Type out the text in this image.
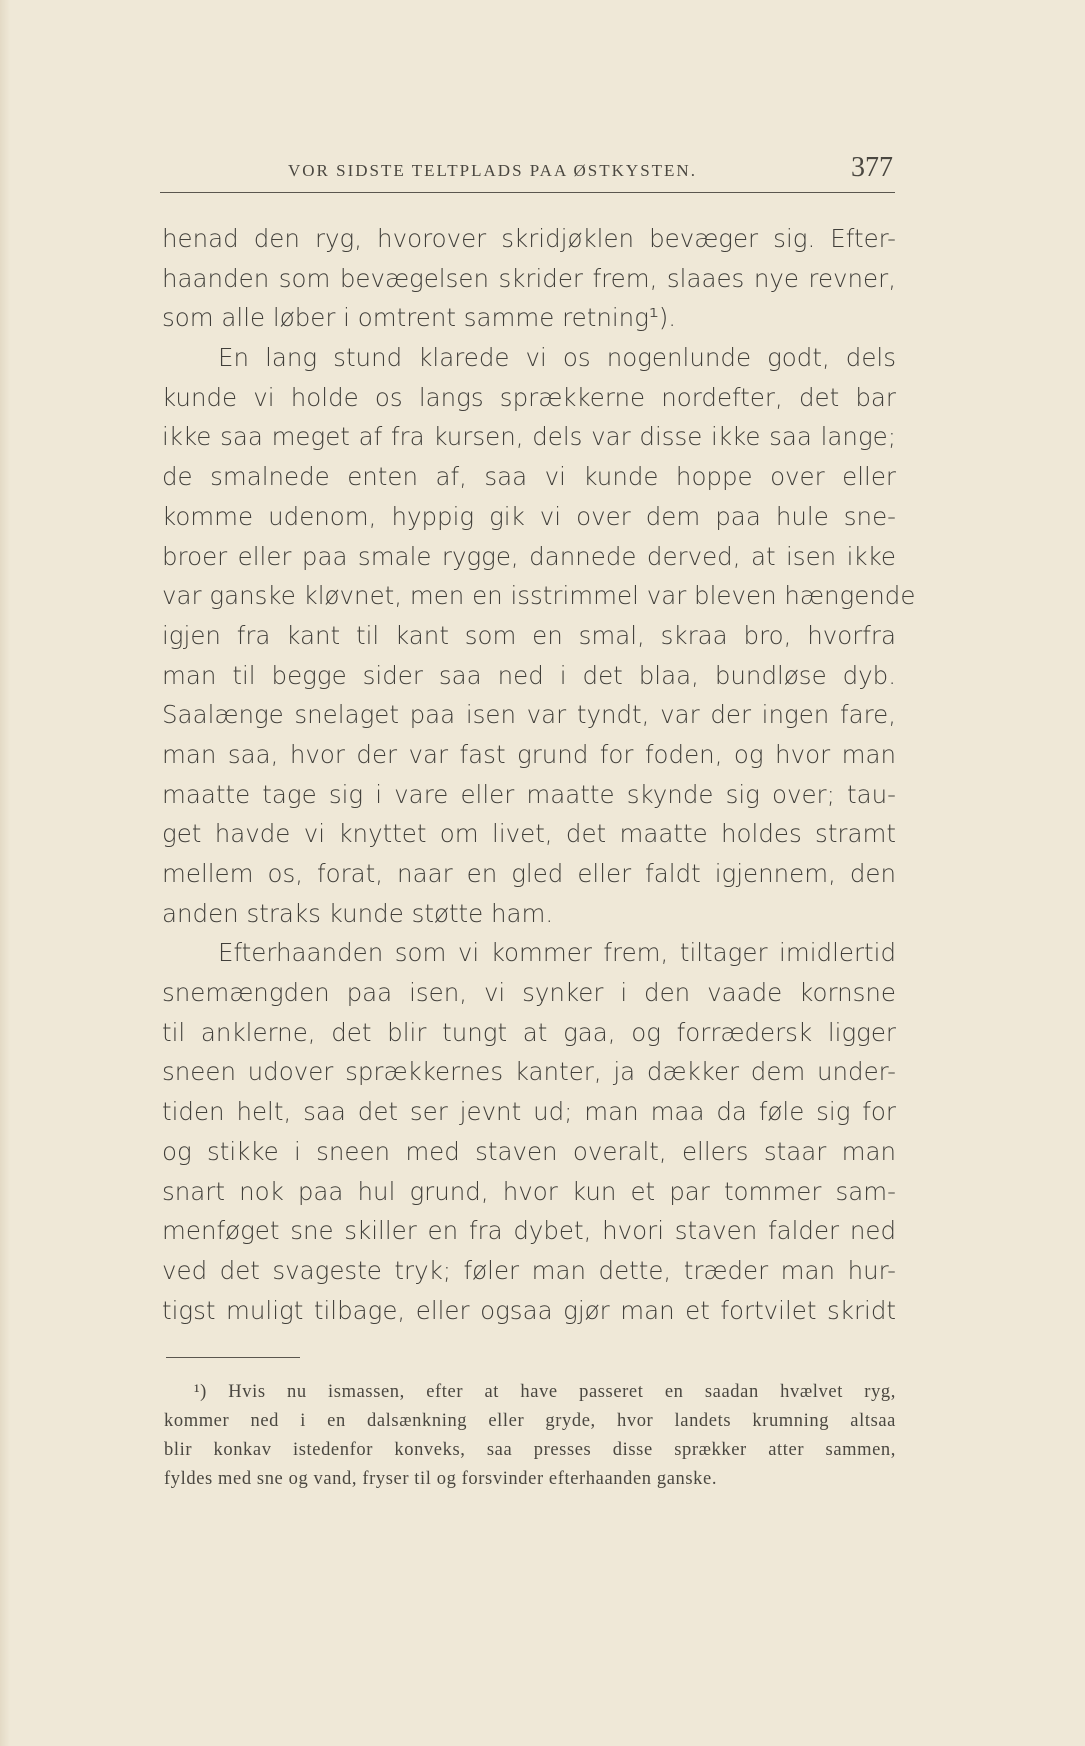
VOR SIDSTE TELTPLADS PAA ØSTKYSTEN.	377
henad den ryg, hvorover skridjøklen bevæger sig. Efter-
haanden som bevægelsen skrider frem, slaaes nye revner,
som alle løber i omtrent samme retning¹).
En lang stund klarede vi os nogenlunde godt, dels
kunde vi holde os langs sprækkerne nordefter, det bar
ikke saa meget af fra kursen, dels var disse ikke saa lange;
de smalnede enten af, saa vi kunde hoppe over eller
komme udenom, hyppig gik vi over dem paa hule sne-
broer eller paa smale rygge, dannede derved, at isen ikke
var ganske kløvnet, men en isstrimmel var bleven hængende
igjen fra kant til kant som en smal, skraa bro, hvorfra
man til begge sider saa ned i det blaa, bundløse dyb.
Saalænge snelaget paa isen var tyndt, var der ingen fare,
man saa, hvor der var fast grund for foden, og hvor man
maatte tage sig i vare eller maatte skynde sig over; tau-
get havde vi knyttet om livet, det maatte holdes stramt
mellem os, forat, naar en gled eller faldt igjennem, den
anden straks kunde støtte ham.
Efterhaanden som vi kommer frem, tiltager imidlertid
snemængden paa isen, vi synker i den vaade kornsne
til anklerne, det blir tungt at gaa, og forrædersk ligger
sneen udover sprækkernes kanter, ja dækker dem under-
tiden helt, saa det ser jevnt ud; man maa da føle sig for
og stikke i sneen med staven overalt, ellers staar man
snart nok paa hul grund, hvor kun et par tommer sam-
menføget sne skiller en fra dybet, hvori staven falder ned
ved det svageste tryk; føler man dette, træder man hur-
tigst muligt tilbage, eller ogsaa gjør man et fortvilet skridt
¹) Hvis nu ismassen, efter at have passeret en saadan hvælvet ryg,
kommer ned i en dalsænkning eller gryde, hvor landets krumning altsaa
blir konkav istedenfor konveks, saa presses disse sprækker atter sammen,
fyldes med sne og vand, fryser til og forsvinder efterhaanden ganske.
